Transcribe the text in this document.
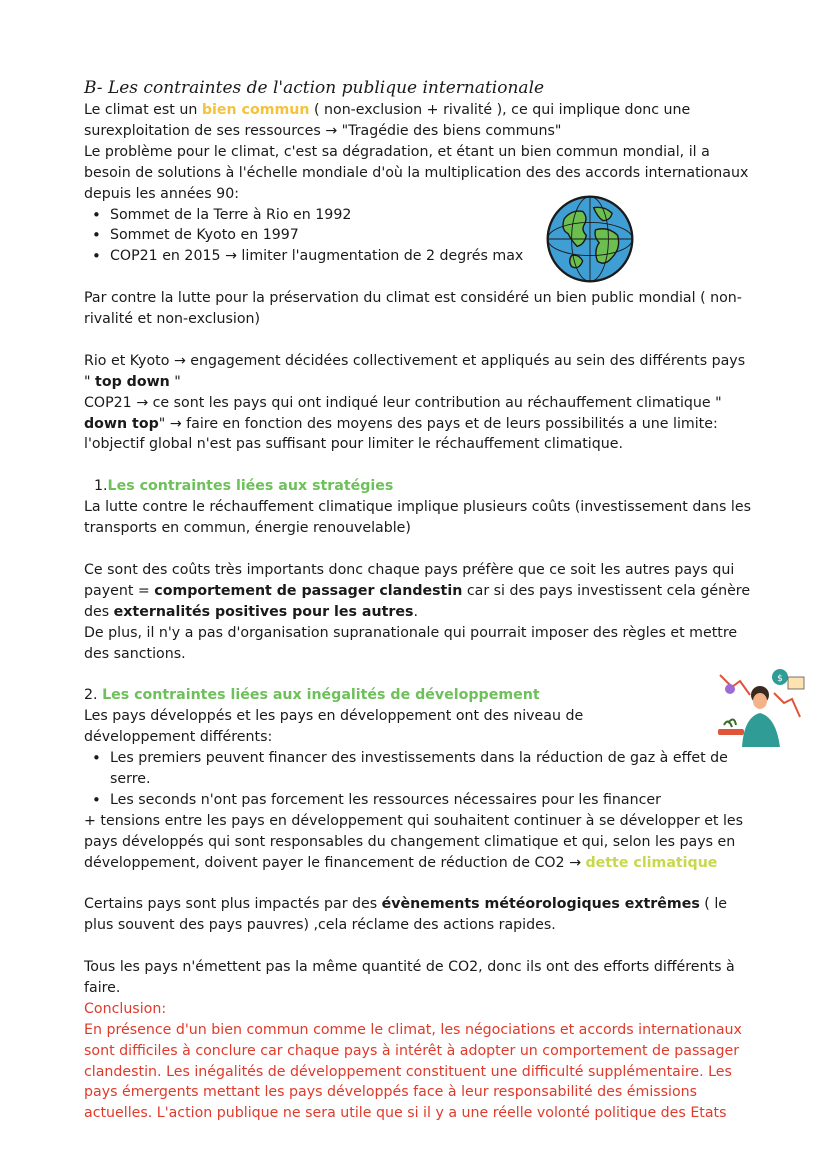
B- Les contraintes de l'action publique internationale

Le climat est un bien commun ( non-exclusion + rivalité ), ce qui implique donc une surexploitation de ses ressources → "Tragédie des biens communs"

Le problème pour le climat, c'est sa dégradation, et étant un bien commun mondial, il a besoin de solutions à l'échelle mondiale d'où la multiplication des des accords internationaux depuis les années 90:

• Sommet de la Terre à Rio en 1992
• Sommet de Kyoto en 1997
• COP21 en 2015 → limiter l'augmentation de 2 degrés max

Par contre la lutte pour la préservation du climat est considéré un bien public mondial ( non-rivalité et non-exclusion)

Rio et Kyoto → engagement décidées collectivement et appliqués au sein des différents pays " top down "

COP21 → ce sont les pays qui ont indiqué leur contribution au réchauffement climatique " down top" → faire en fonction des moyens des pays et de leurs possibilités a une limite: l'objectif global n'est pas suffisant pour limiter le réchauffement climatique.

1.Les contraintes liées aux stratégies

La lutte contre le réchauffement climatique implique plusieurs coûts (investissement dans les transports en commun, énergie renouvelable)

Ce sont des coûts très importants donc chaque pays préfère que ce soit les autres pays qui payent = comportement de passager clandestin car si des pays investissent cela génère des externalités positives pour les autres.

De plus, il n'y a pas d'organisation supranationale qui pourrait imposer des règles et mettre des sanctions.

2. Les contraintes liées aux inégalités de développement

Les pays développés et les pays en développement ont des niveau de développement différents:

• Les premiers peuvent financer des investissements dans la réduction de gaz à effet de serre.
• Les seconds n'ont pas forcement les ressources nécessaires pour les financer

+ tensions entre les pays en développement qui souhaitent continuer à se développer et les pays développés qui sont responsables du changement climatique et qui, selon les pays en développement, doivent payer le financement de réduction de CO2 → dette climatique

Certains pays sont plus impactés par des évènements météorologiques extrêmes ( le plus souvent des pays pauvres) ,cela réclame des actions rapides.

Tous les pays n'émettent pas la même quantité de CO2, donc ils ont des efforts différents à faire.

Conclusion:

En présence d'un bien commun comme le climat, les négociations et accords internationaux sont difficiles à conclure car chaque pays à intérêt à adopter un comportement de passager clandestin. Les inégalités de développement constituent une difficulté supplémentaire. Les pays émergents mettant les pays développés face à leur responsabilité des émissions actuelles. L'action publique ne sera utile que si il y a une réelle volonté politique des Etats

$
